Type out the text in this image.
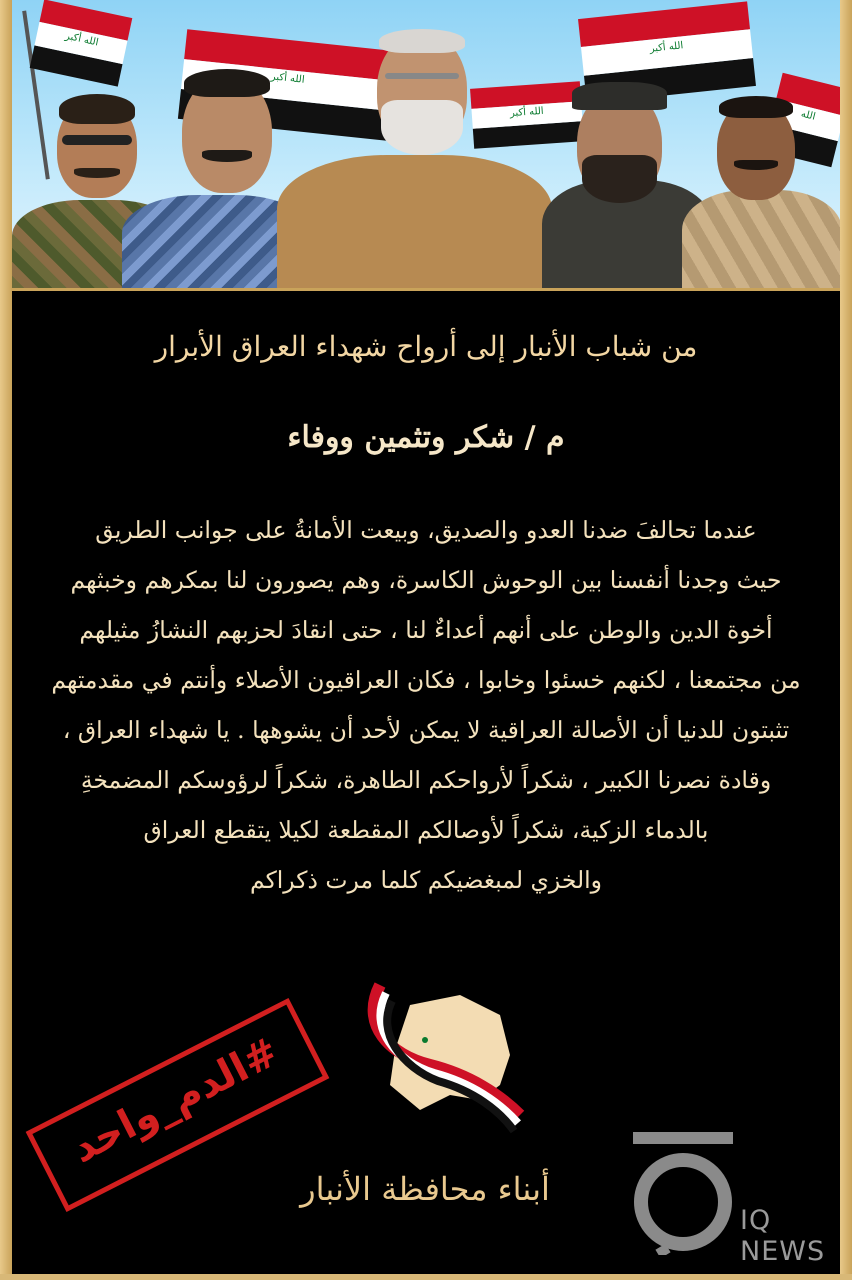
الله أكبر
الله أكبر
الله أكبر
الله أكبر
الله
من شباب الأنبار إلى أرواح شهداء العراق الأبرار
م / شكر وتثمين ووفاء
عندما تحالفَ ضدنا العدو والصديق، وبيعت الأمانةُ على جوانب الطريق
حيث وجدنا أنفسنا بين الوحوش الكاسرة، وهم يصورون لنا بمكرهم وخبثهم
أخوة الدين والوطن على أنهم أعداءٌ لنا ، حتى انقادَ لحزبهم النشازُ مثيلهم
من مجتمعنا ، لكنهم خسئوا وخابوا ، فكان العراقيون الأصلاء وأنتم في مقدمتهم
تثبتون للدنيا أن الأصالة العراقية لا يمكن لأحد أن يشوهها . يا شهداء العراق ،
وقادة نصرنا الكبير ، شكراً لأرواحكم الطاهرة، شكراً لرؤوسكم المضمخةِ
بالدماء الزكية، شكراً لأوصالكم المقطعة لكيلا يتقطع العراق
والخزي لمبغضيكم كلما مرت ذكراكم
#الدم_واحد
أبناء محافظة الأنبار
IQ NEWS
